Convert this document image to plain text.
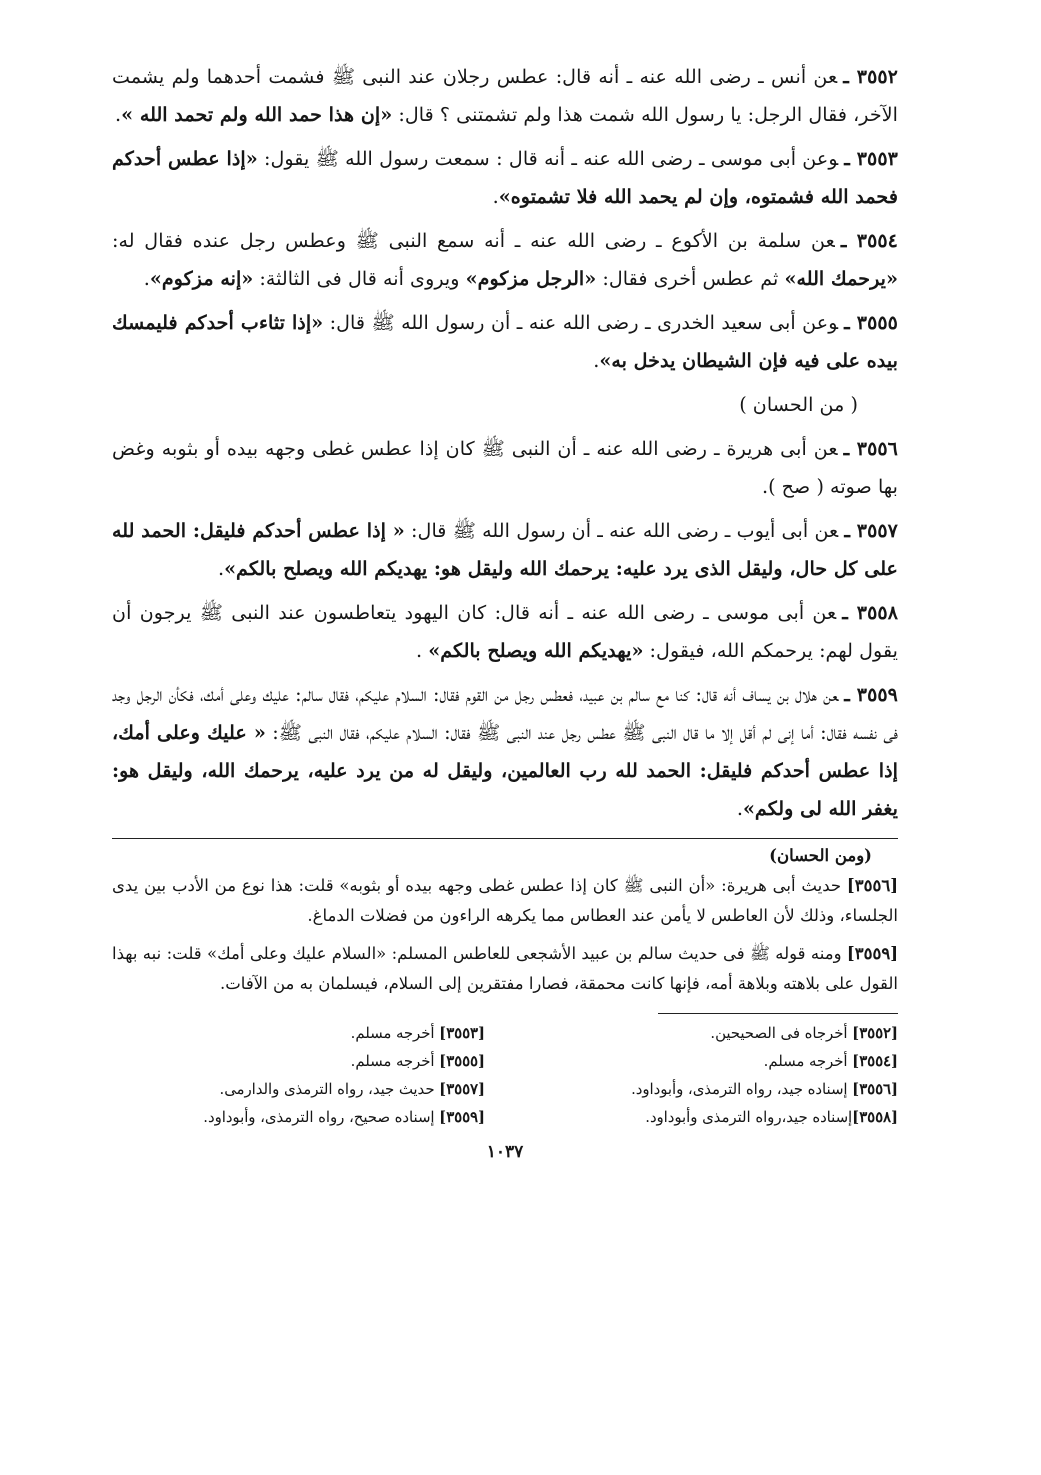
٣٥٥٢ ـعن أنس ـ رضى الله عنه ـ أنه قال: عطس رجلان عند النبى ﷺ فشمت أحدهما ولم يشمت الآخر، فقال الرجل: يا رسول الله شمت هذا ولم تشمتنى ؟ قال: «إن هذا حمد الله ولم تحمد الله ».

٣٥٥٣ ـوعن أبى موسى ـ رضى الله عنه ـ أنه قال : سمعت رسول الله ﷺ يقول: «إذا عطس أحدكم فحمد الله فشمتوه، وإن لم يحمد الله فلا تشمتوه».

٣٥٥٤ ـعن سلمة بن الأكوع ـ رضى الله عنه ـ أنه سمع النبى ﷺ وعطس رجل عنده فقال له: «يرحمك الله» ثم عطس أخرى فقال: «الرجل مزكوم» ويروى أنه قال فى الثالثة: «إنه مزكوم».

٣٥٥٥ ـوعن أبى سعيد الخدرى ـ رضى الله عنه ـ أن رسول الله ﷺ قال: «إذا تثاءب أحدكم فليمسك بيده على فيه فإن الشيطان يدخل به».

( من الحسان )

٣٥٥٦ ـعن أبى هريرة ـ رضى الله عنه ـ أن النبى ﷺ كان إذا عطس غطى وجهه بيده أو بثوبه وغض بها صوته ( صح ).

٣٥٥٧ ـعن أبى أيوب ـ رضى الله عنه ـ أن رسول الله ﷺ قال: « إذا عطس أحدكم فليقل: الحمد لله على كل حال، وليقل الذى يرد عليه: يرحمك الله وليقل هو: يهديكم الله ويصلح بالكم».

٣٥٥٨ ـعن أبى موسى ـ رضى الله عنه ـ أنه قال: كان اليهود يتعاطسون عند النبى ﷺ يرجون أن يقول لهم: يرحمكم الله، فيقول: «يهديكم الله ويصلح بالكم» .

٣٥٥٩ ـعن هلال بن يساف أنه قال: كنا مع سالم بن عبيد، فعطس رجل من القوم فقال: السلام عليكم، فقال سالم: عليك وعلى أمك، فكأن الرجل وجد فى نفسه فقال: أما إنى لم أقل إلا ما قال النبى ﷺ عطس رجل عند النبى ﷺ فقال: السلام عليكم، فقال النبى ﷺ: « عليك وعلى أمك، إذا عطس أحدكم فليقل: الحمد لله رب العالمين، وليقل له من يرد عليه، يرحمك الله، وليقل هو: يغفر الله لى ولكم».

(ومن الحسان)

[٣٥٥٦] حديث أبى هريرة: «أن النبى ﷺ كان إذا عطس غطى وجهه بيده أو بثوبه» قلت: هذا نوع من الأدب بين يدى الجلساء، وذلك لأن العاطس لا يأمن عند العطاس مما يكرهه الراءون من فضلات الدماغ.

[٣٥٥٩] ومنه قوله ﷺ فى حديث سالم بن عبيد الأشجعى للعاطس المسلم: «السلام عليك وعلى أمك» قلت: نبه بهذا القول على بلاهته وبلاهة أمه، فإنها كانت محمقة، فصارا مفتقرين إلى السلام، فيسلمان به من الآفات.

[٣٥٥٢] أخرجاه فى الصحيحين.
[٣٥٥٣] أخرجه مسلم.
[٣٥٥٤] أخرجه مسلم.
[٣٥٥٥] أخرجه مسلم.
[٣٥٥٦] إسناده جيد، رواه الترمذى، وأبوداود.
[٣٥٥٧] حديث جيد، رواه الترمذى والدارمى.
[٣٥٥٨]إسناده جيد،رواه الترمذى وأبوداود.
[٣٥٥٩] إسناده صحيح، رواه الترمذى، وأبوداود.
١٠٣٧
